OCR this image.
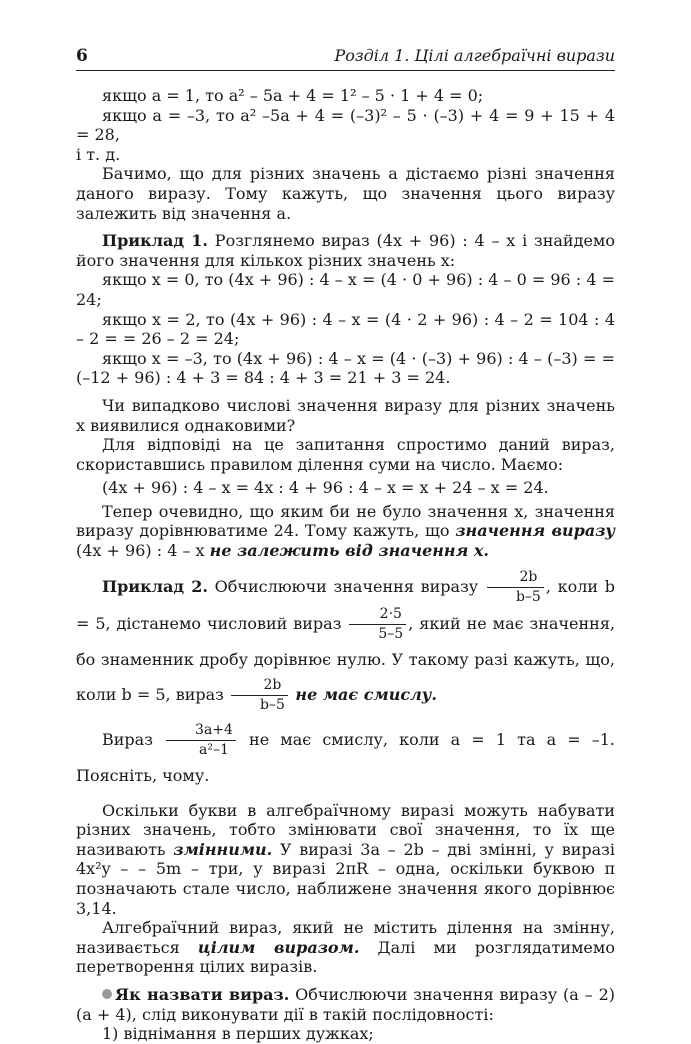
6	Розділ 1. Цілі алгебраїчні вирази

якщо a = 1, то a² – 5a + 4 = 1² – 5 · 1 + 4 = 0;

якщо a = –3, то a² –5a + 4 = (–3)² – 5 · (–3) + 4 = 9 + 15 + 4 = 28,

і т. д.

Бачимо, що для різних значень a дістаємо різні значення даного виразу. Тому кажуть, що значення цього виразу залежить від значення a.

Приклад 1. Розглянемо вираз (4x + 96) : 4 – x і знайдемо його значення для кількох різних значень x:

якщо x = 0, то (4x + 96) : 4 – x = (4 · 0 + 96) : 4 – 0 = 96 : 4 = 24;

якщо x = 2, то (4x + 96) : 4 – x = (4 · 2 + 96) : 4 – 2 = 104 : 4 – 2 = = 26 – 2 = 24;

якщо x = –3, то (4x + 96) : 4 – x = (4 · (–3) + 96) : 4 – (–3) = = (–12 + 96) : 4 + 3 = 84 : 4 + 3 = 21 + 3 = 24.

Чи випадково числові значення виразу для різних значень x виявилися однаковими?

Для відповіді на це запитання спростимо даний вираз, скориставшись правилом ділення суми на число. Маємо:

(4x + 96) : 4 – x = 4x : 4 + 96 : 4 – x = x + 24 – x = 24.

Тепер очевидно, що яким би не було значення x, значення виразу дорівнюватиме 24. Тому кажуть, що значення виразу (4x + 96) : 4 – x не залежить від значення x.

Приклад 2. Обчислюючи значення виразу $\frac{2b}{b-5}$ , коли b = 5, дістанемо числовий вираз $\frac{2\cdot 5}{5-5}$ , який не має значення, бо знаменник дробу дорівнює нулю. У такому разі кажуть, що, коли b = 5, вираз $\frac{2b}{b-5}$ не має смислу.

Вираз $\frac{3a+4}{\text{a²–1}}$ не має смислу, коли a = 1 та a = –1. Поясніть, чому.

Оскільки букви в алгебраїчному виразі можуть набувати різних значень, тобто змінювати свої значення, то їх ще називають змінними. У виразі 3a – 2b – дві змінні, у виразі 4x²y – – 5m – три, у виразі 2πR – одна, оскільки буквою π позначають стале число, наближене значення якого дорівнює 3,14.

Алгебраїчний вираз, який не містить ділення на змінну, називається цілим виразом. Далі ми розглядатимемо перетворення цілих виразів.

Як назвати вираз. Обчислюючи значення виразу (a – 2)(a + 4), слід виконувати дії в такій послідовності:

1) віднімання в перших дужках;
